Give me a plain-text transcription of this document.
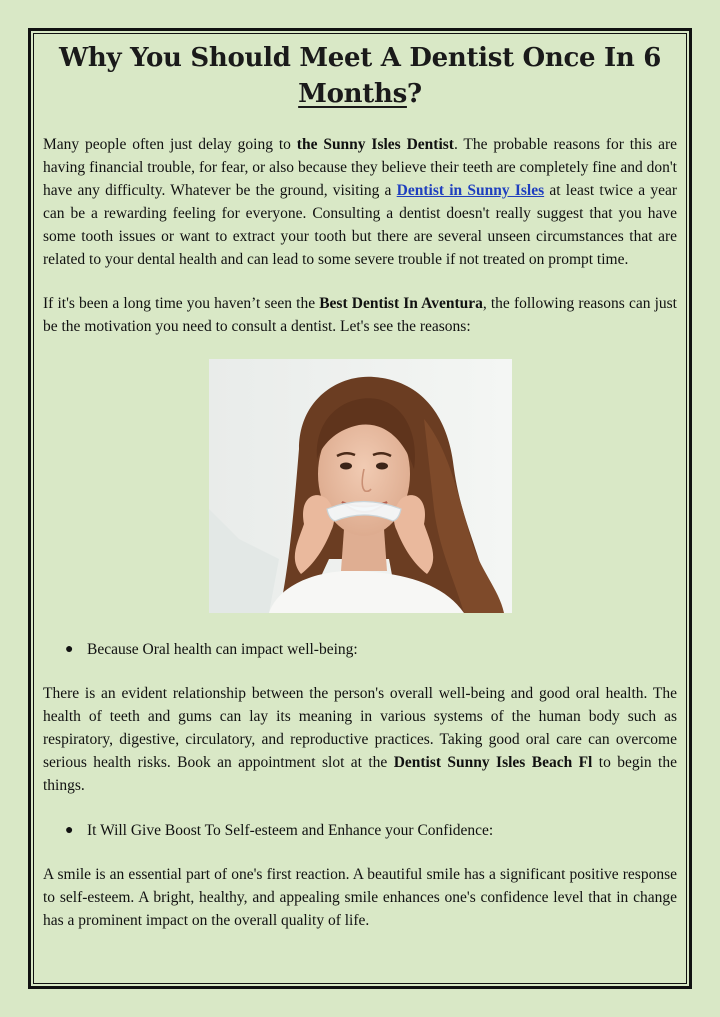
Why You Should Meet A Dentist Once In 6
Months?

Many people often just delay going to the Sunny Isles Dentist. The probable reasons for this are having financial trouble, for fear, or also because they believe their teeth are completely fine and don't have any difficulty. Whatever be the ground, visiting a Dentist in Sunny Isles at least twice a year can be a rewarding feeling for everyone. Consulting a dentist doesn't really suggest that you have some tooth issues or want to extract your tooth but there are several unseen circumstances that are related to your dental health and can lead to some severe trouble if not treated on prompt time.

If it's been a long time you haven’t seen the Best Dentist In Aventura, the following reasons can just be the motivation you need to consult a dentist. Let's see the reasons:

● Because Oral health can impact well-being:

There is an evident relationship between the person's overall well-being and good oral health. The health of teeth and gums can lay its meaning in various systems of the human body such as respiratory, digestive, circulatory, and reproductive practices. Taking good oral care can overcome serious health risks. Book an appointment slot at the Dentist Sunny Isles Beach Fl to begin the things.

● It Will Give Boost To Self-esteem and Enhance your Confidence:

A smile is an essential part of one's first reaction. A beautiful smile has a significant positive response to self-esteem. A bright, healthy, and appealing smile enhances one's confidence level that in change has a prominent impact on the overall quality of life.
